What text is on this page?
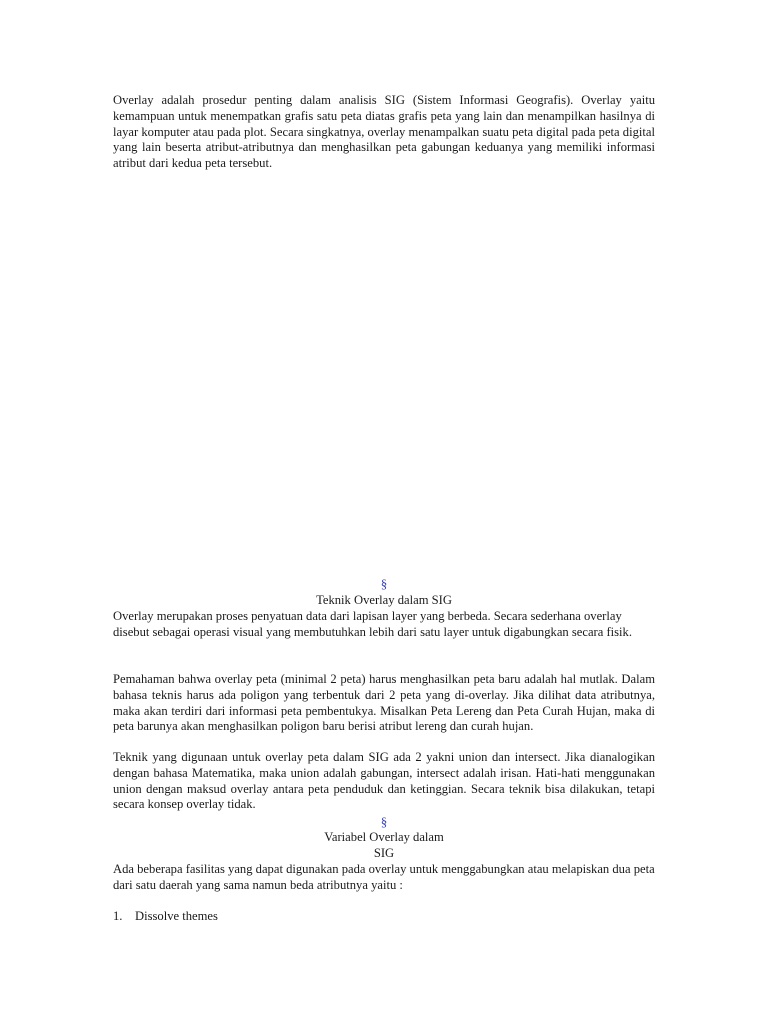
Overlay adalah prosedur penting dalam analisis SIG (Sistem Informasi Geografis). Overlay yaitu kemampuan untuk menempatkan grafis satu peta diatas grafis peta yang lain dan menampilkan hasilnya di layar komputer atau pada plot. Secara singkatnya, overlay menampalkan suatu peta digital pada peta digital yang lain beserta atribut-atributnya dan menghasilkan peta gabungan keduanya yang memiliki informasi atribut dari kedua peta tersebut.

§
Teknik Overlay dalam SIG

Overlay merupakan proses penyatuan data dari lapisan layer yang berbeda. Secara sederhana overlay disebut sebagai operasi visual yang membutuhkan lebih dari satu layer untuk digabungkan secara fisik.

Pemahaman bahwa overlay peta (minimal 2 peta) harus menghasilkan peta baru adalah hal mutlak. Dalam bahasa teknis harus ada poligon yang terbentuk dari 2 peta yang di-overlay. Jika dilihat data atributnya, maka akan terdiri dari informasi peta pembentukya. Misalkan Peta Lereng dan Peta Curah Hujan, maka di peta barunya akan menghasilkan poligon baru berisi atribut lereng dan curah hujan.

Teknik yang digunaan untuk overlay peta dalam SIG ada 2 yakni union dan intersect. Jika dianalogikan dengan bahasa Matematika, maka union adalah gabungan, intersect adalah irisan. Hati-hati menggunakan union dengan maksud overlay antara peta penduduk dan ketinggian. Secara teknik bisa dilakukan, tetapi secara konsep overlay tidak.

§
Variabel Overlay dalam
SIG

Ada beberapa fasilitas yang dapat digunakan pada overlay untuk menggabungkan atau melapiskan dua peta dari satu daerah yang sama namun beda atributnya yaitu :

1. Dissolve themes
